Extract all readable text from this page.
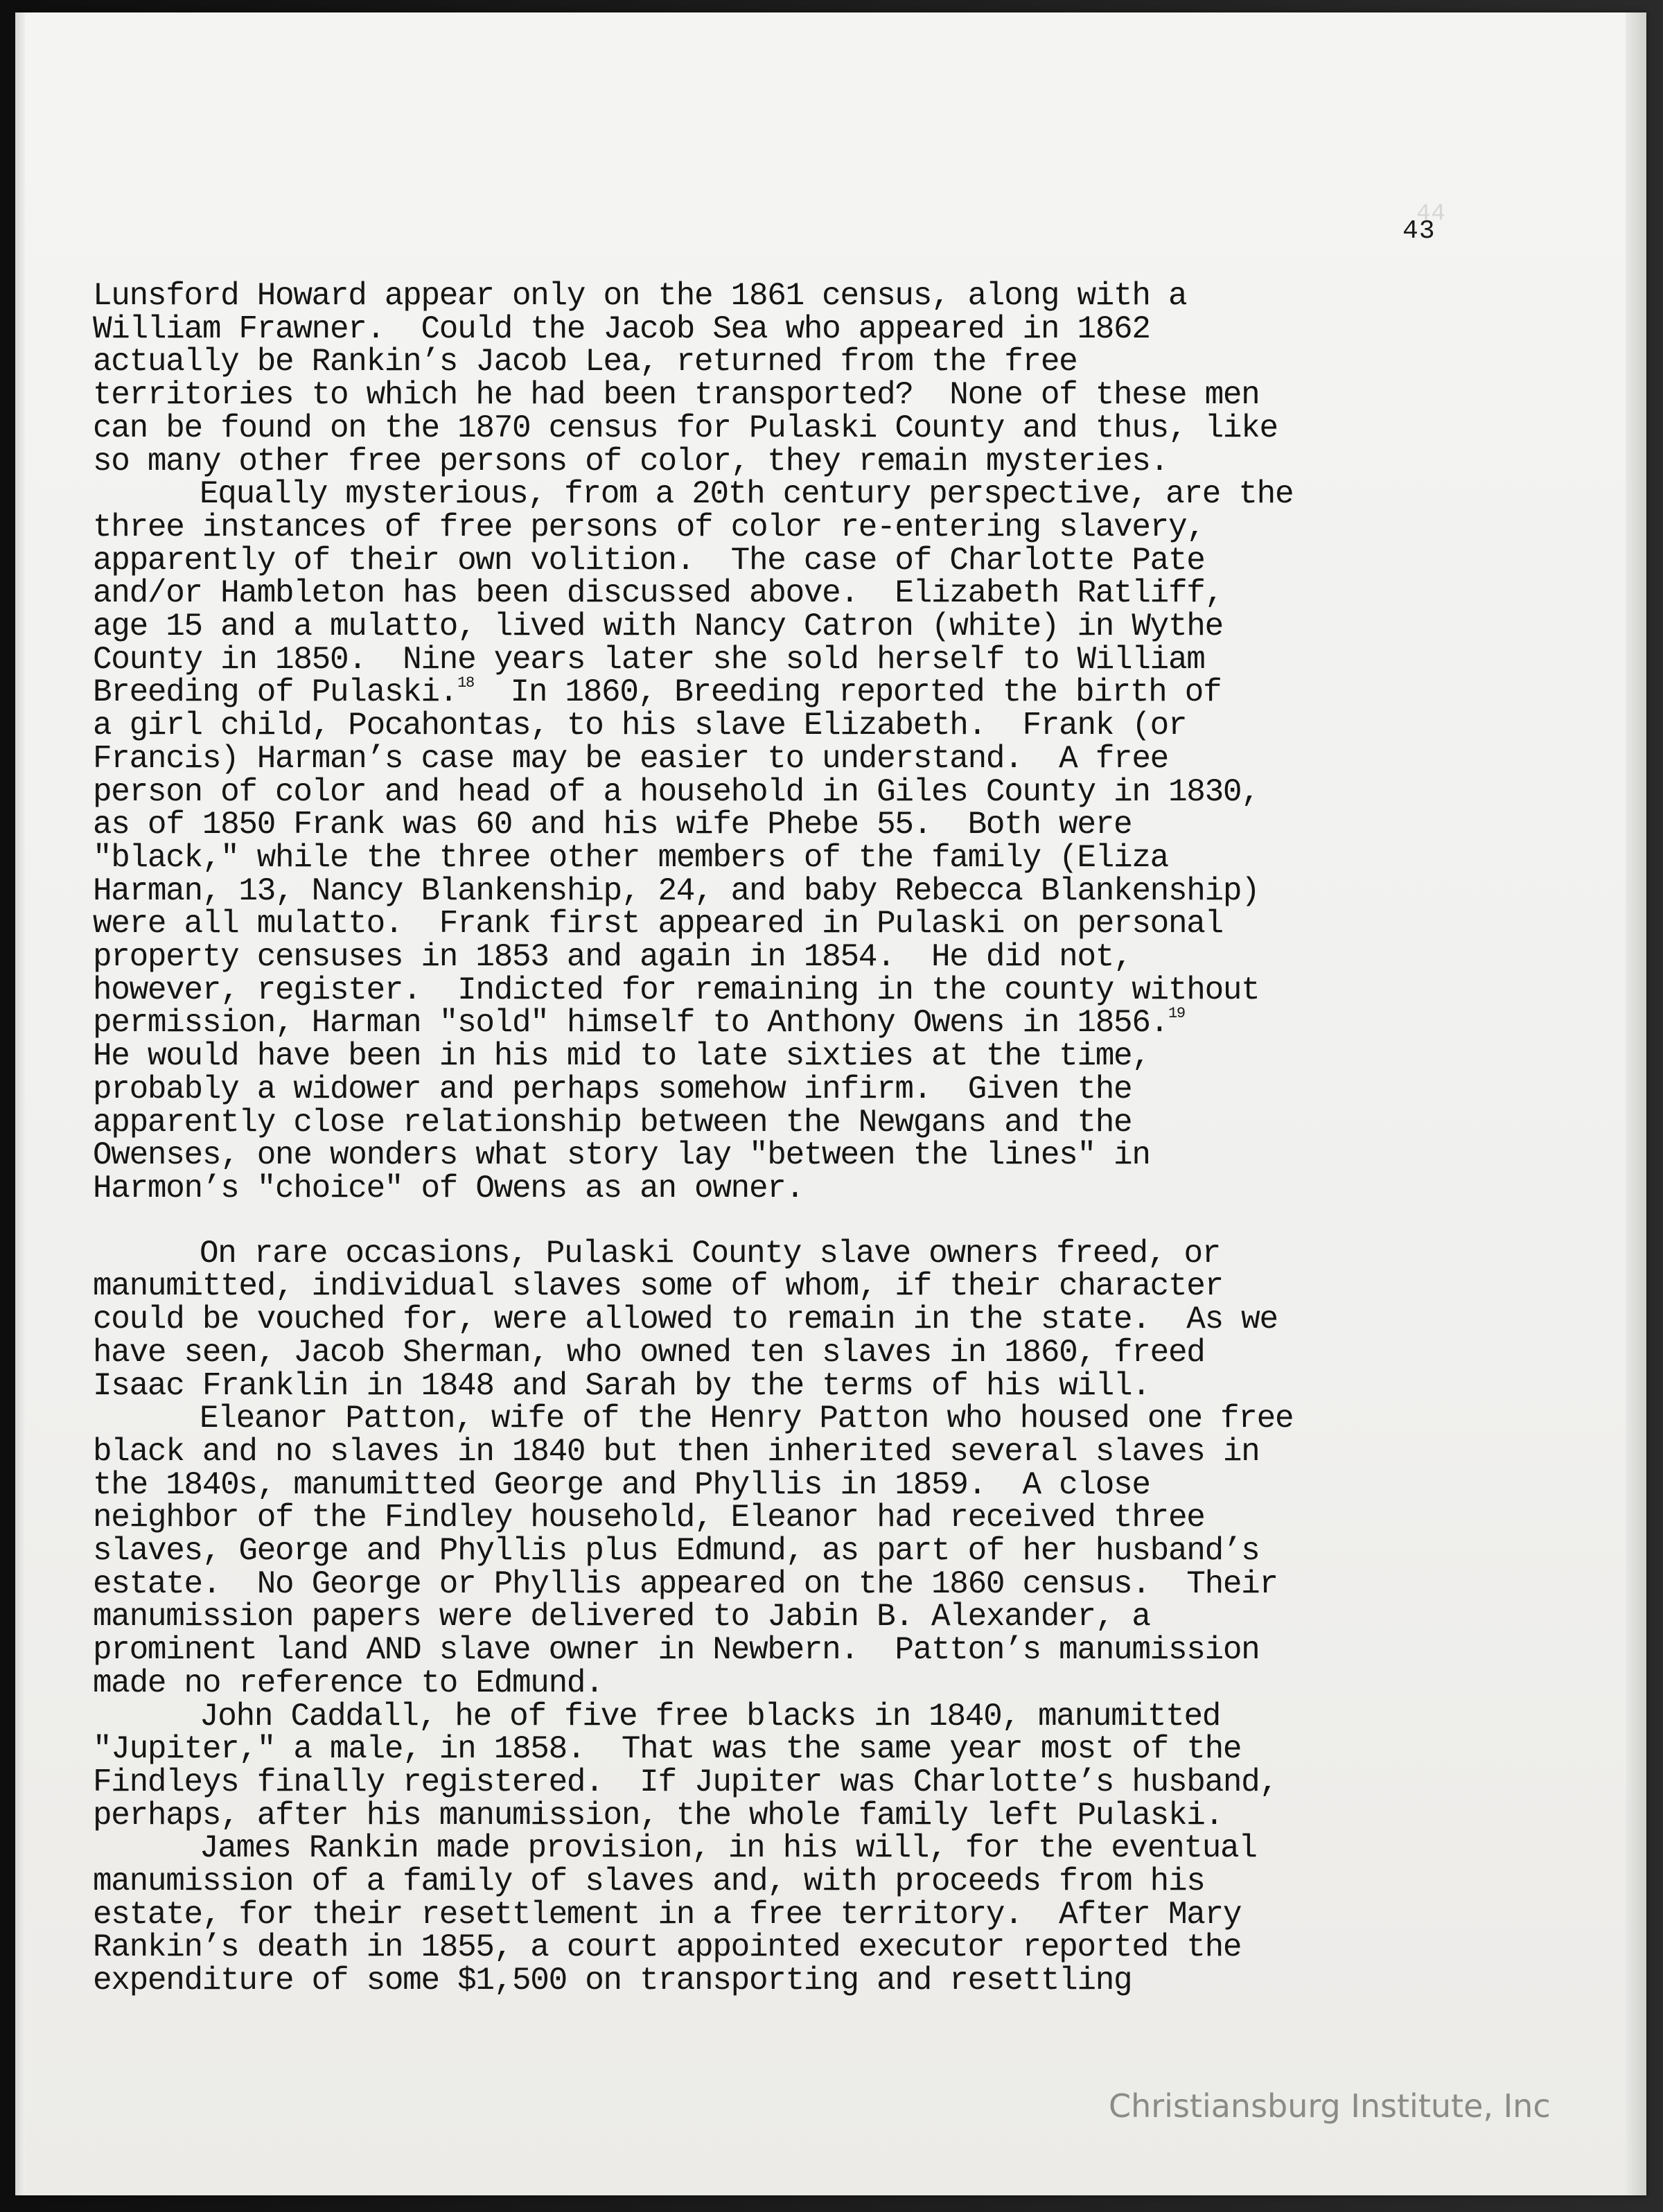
44
43
Lunsford Howard appear only on the 1861 census, along with a
William Frawner.  Could the Jacob Sea who appeared in 1862
actually be Rankin’s Jacob Lea, returned from the free
territories to which he had been transported?  None of these men
can be found on the 1870 census for Pulaski County and thus, like
so many other free persons of color, they remain mysteries.
Equally mysterious, from a 20th century perspective, are the
three instances of free persons of color re-entering slavery,
apparently of their own volition.  The case of Charlotte Pate
and/or Hambleton has been discussed above.  Elizabeth Ratliff,
age 15 and a mulatto, lived with Nancy Catron (white) in Wythe
County in 1850.  Nine years later she sold herself to William
Breeding of Pulaski.$^{18}$ In 1860, Breeding reported the birth of
a girl child, Pocahontas, to his slave Elizabeth.  Frank (or
Francis) Harman’s case may be easier to understand.  A free
person of color and head of a household in Giles County in 1830,
as of 1850 Frank was 60 and his wife Phebe 55.  Both were
"black," while the three other members of the family (Eliza
Harman, 13, Nancy Blankenship, 24, and baby Rebecca Blankenship)
were all mulatto.  Frank first appeared in Pulaski on personal
property censuses in 1853 and again in 1854.  He did not,
however, register.  Indicted for remaining in the county without
permission, Harman "sold" himself to Anthony Owens in 1856.19
He would have been in his mid to late sixties at the time,
probably a widower and perhaps somehow infirm.  Given the
apparently close relationship between the Newgans and the
Owenses, one wonders what story lay "between the lines" in
Harmon’s "choice" of Owens as an owner.
On rare occasions, Pulaski County slave owners freed, or
manumitted, individual slaves some of whom, if their character
could be vouched for, were allowed to remain in the state.  As we
have seen, Jacob Sherman, who owned ten slaves in 1860, freed
Isaac Franklin in 1848 and Sarah by the terms of his will.
Eleanor Patton, wife of the Henry Patton who housed one free
black and no slaves in 1840 but then inherited several slaves in
the 1840s, manumitted George and Phyllis in 1859.  A close
neighbor of the Findley household, Eleanor had received three
slaves, George and Phyllis plus Edmund, as part of her husband’s
estate.  No George or Phyllis appeared on the 1860 census.  Their
manumission papers were delivered to Jabin B. Alexander, a
prominent land AND slave owner in Newbern.  Patton’s manumission
made no reference to Edmund.
John Caddall, he of five free blacks in 1840, manumitted
"Jupiter," a male, in 1858.  That was the same year most of the
Findleys finally registered.  If Jupiter was Charlotte’s husband,
perhaps, after his manumission, the whole family left Pulaski.
James Rankin made provision, in his will, for the eventual
manumission of a family of slaves and, with proceeds from his
estate, for their resettlement in a free territory.  After Mary
Rankin’s death in 1855, a court appointed executor reported the
expenditure of some $1,500 on transporting and resettling
Christiansburg Institute, Inc
